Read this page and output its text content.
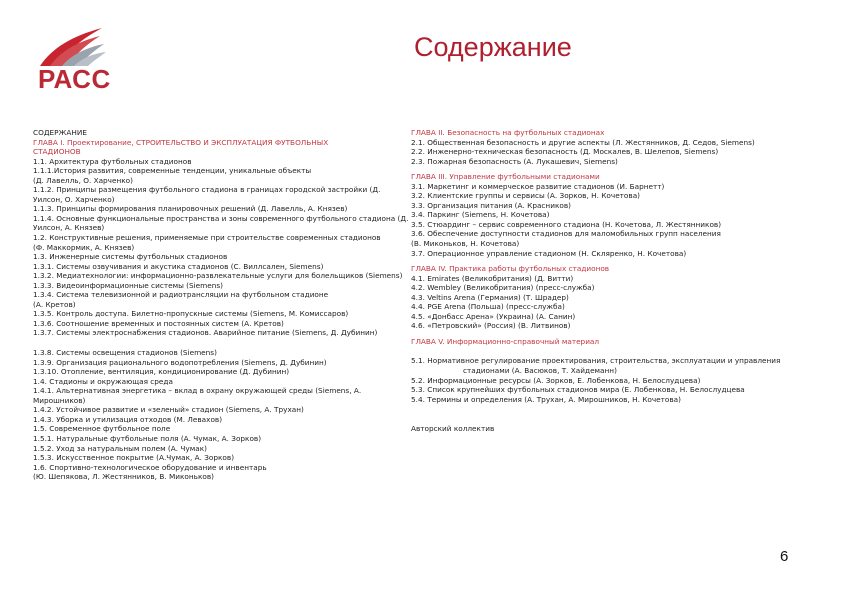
РАСС
Содержание
СОДЕРЖАНИЕ
ГЛАВА I. Проектирование, СТРОИТЕЛЬСТВО И ЭКСПЛУАТАЦИЯ ФУТБОЛЬНЫХ
СТАДИОНОВ
1.1. Архитектура футбольных стадионов
1.1.1.История развития, современные тенденции, уникальные объекты
(Д. Лавелль, О. Харченко)
1.1.2. Принципы размещения футбольного стадиона в границах городской застройки (Д.
Уилсон, О. Харченко)
1.1.3. Принципы формирования планировочных решений (Д. Лавелль, А. Князев)
1.1.4. Основные функциональные пространства и зоны современного футбольного стадиона (Д.
Уилсон, А. Князев)
1.2. Конструктивные решения, применяемые при строительстве современных стадионов
(Ф. Маккормик, А. Князев)
1.3. Инженерные системы футбольных стадионов
1.3.1. Системы озвучивания и акустика стадионов (С. Виллсален, Siemens)
1.3.2. Медиатехнологии: информационно-развлекательные услуги для болельщиков (Siemens)
1.3.3. Видеоинформационные системы (Siemens)
1.3.4. Система телевизионной и радиотрансляции на футбольном стадионе
(А. Кретов)
1.3.5. Контроль доступа. Билетно-пропускные системы (Siemens, М. Комиссаров)
1.3.6. Соотношение временных и постоянных систем (А. Кретов)
1.3.7. Системы электроснабжения стадионов. Аварийное питание (Siemens, Д. Дубинин)
1.3.8. Системы освещения стадионов (Siemens)
1.3.9. Организация рационального водопотребления (Siemens, Д. Дубинин)
1.3.10. Отопление, вентиляция, кондиционирование (Д. Дубинин)
1.4. Стадионы и окружающая среда
1.4.1. Альтернативная энергетика – вклад в охрану окружающей среды (Siemens, А.
Мирошников)
1.4.2. Устойчивое развитие и «зеленый» стадион (Siemens, А. Трухан)
1.4.3. Уборка и утилизация отходов (М. Левахов)
1.5. Современное футбольное поле
1.5.1. Натуральные футбольные поля (А. Чумак, А. Зорков)
1.5.2. Уход за натуральным полем (А. Чумак)
1.5.3. Искусственное покрытие (А.Чумак, А. Зорков)
1.6. Спортивно-технологическое оборудование и инвентарь
(Ю. Шепякова, Л. Жестянников, В. Миконьков)
ГЛАВА II. Безопасность на футбольных стадионах
2.1. Общественная безопасность и другие аспекты (Л. Жестянников, Д. Седов, Siemens)
2.2. Инженерно-техническая безопасность (Д. Москалев, В. Шелепов, Siemens)
2.3. Пожарная безопасность (А. Лукашевич, Siemens)
ГЛАВА III. Управление футбольными стадионами
3.1. Маркетинг и коммерческое развитие стадионов (И. Барнетт)
3.2. Клиентские группы и сервисы (А. Зорков, Н. Кочетова)
3.3. Организация питания (А. Красников)
3.4. Паркинг (Siemens, Н. Кочетова)
3.5. Стюардинг – сервис современного стадиона (Н. Кочетова, Л. Жестянников)
3.6. Обеспечение доступности стадионов для маломобильных групп населения
(В. Миконьков, Н. Кочетова)
3.7. Операционное управление стадионом (Н. Скляренко, Н. Кочетова)
ГЛАВА IV. Практика работы футбольных стадионов
4.1. Emirates (Великобритания) (Д. Витти)
4.2. Wembley (Великобритания) (пресс-служба)
4.3. Veltins Arena (Германия) (Т. Шрадер)
4.4. PGE Arena (Польша) (пресс-служба)
4.5. «Донбасс Арена» (Украина) (А. Санин)
4.6. «Петровский» (Россия) (В. Литвинов)
ГЛАВА V. Информационно-справочный материал
5.1. Нормативное регулирование проектирования, строительства, эксплуатации и управления
стадионами (А. Васюков, Т. Хайдеманн)
5.2. Информационные ресурсы (А. Зорков, Е. Лобенкова, Н. Белослудцева)
5.3. Список крупнейших футбольных стадионов мира (Е. Лобенкова, Н. Белослудцева
5.4. Термины и определения (А. Трухан, А. Мирошников, Н. Кочетова)
Авторский коллектив
6
